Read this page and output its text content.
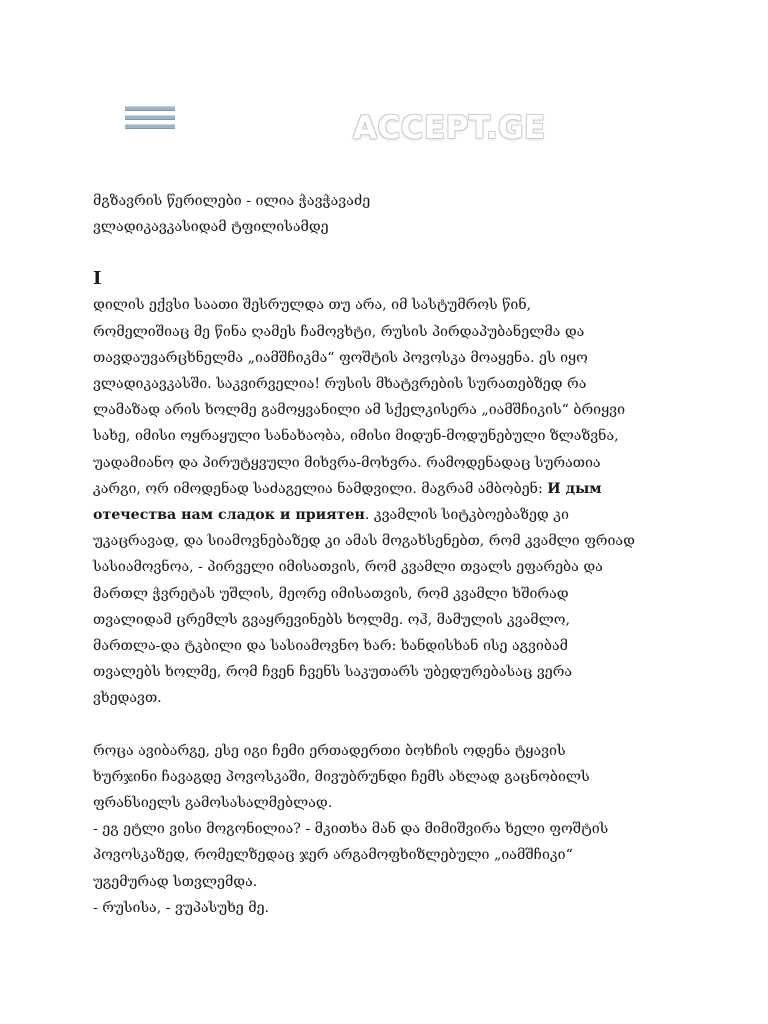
ACCEPT.GE

მგზავრის წერილები - ილია ჭავჭავაძე

ვლადიკავკასიდამ ტფილისამდე

I

დილის ექვსი საათი შესრულდა თუ არა, იმ სასტუმროს წინ,
რომელიშიაც მე წინა ღამეს ჩამოვხტი, რუსის პირდაპუბანელმა და
თავდაუვარცხნელმა „იამშჩიკმა“ ფოშტის პოვოსკა მოაყენა. ეს იყო
ვლადიკავკასში. საკვირველია! რუსის მხატვრების სურათებზედ რა
ლამაზად არის ხოლმე გამოყვანილი ამ სქელკისერა „იამშჩიკის“ ბრიყვი
სახე, იმისი ოყრაყული სანახაობა, იმისი მიდუნ-მოდუნებული ზლაზვნა,
უადამიანო და პირუტყვული მიხვრა-მოხვრა. რამოდენადაც სურათია
კარგი, ორ იმოდენად საძაგელია ნამდვილი. მაგრამ ამბობენ: И дым
отечества нам сладок и приятен. კვამლის სიტკბოებაზედ კი
უკაცრავად, და სიამოვნებაზედ კი ამას მოგახსენებთ, რომ კვამლი ფრიად
სასიამოვნოა, - პირველი იმისათვის, რომ კვამლი თვალს ეფარება და
მართლ ჭვრეტას უშლის, მეორე იმისათვის, რომ კვამლი ხშირად
თვალიდამ ცრემლს გვაყრევინებს ხოლმე. ოჰ, მამულის კვამლო,
მართლა-და ტკბილი და სასიამოვნო ხარ: ხანდისხან ისე აგვიბამ
თვალებს ხოლმე, რომ ჩვენ ჩვენს საკუთარს უბედურებასაც ვერა
ვხედავთ.

როცა ავიბარგე, ესე იგი ჩემი ერთადერთი ბოხჩის ოდენა ტყავის
ხურჯინი ჩავაგდე პოვოსკაში, მივუბრუნდი ჩემს ახლად გაცნობილს
ფრანსიელს გამოსასალმებლად.
- ეგ ეტლი ვისი მოგონილია? - მკითხა მან და მიმიშვირა ხელი ფოშტის
პოვოსკაზედ, რომელზედაც ჯერ არგამოფხიზლებული „იამშჩიკი“
უგემურად სთვლემდა.
- რუსისა, - ვუპასუხე მე.
